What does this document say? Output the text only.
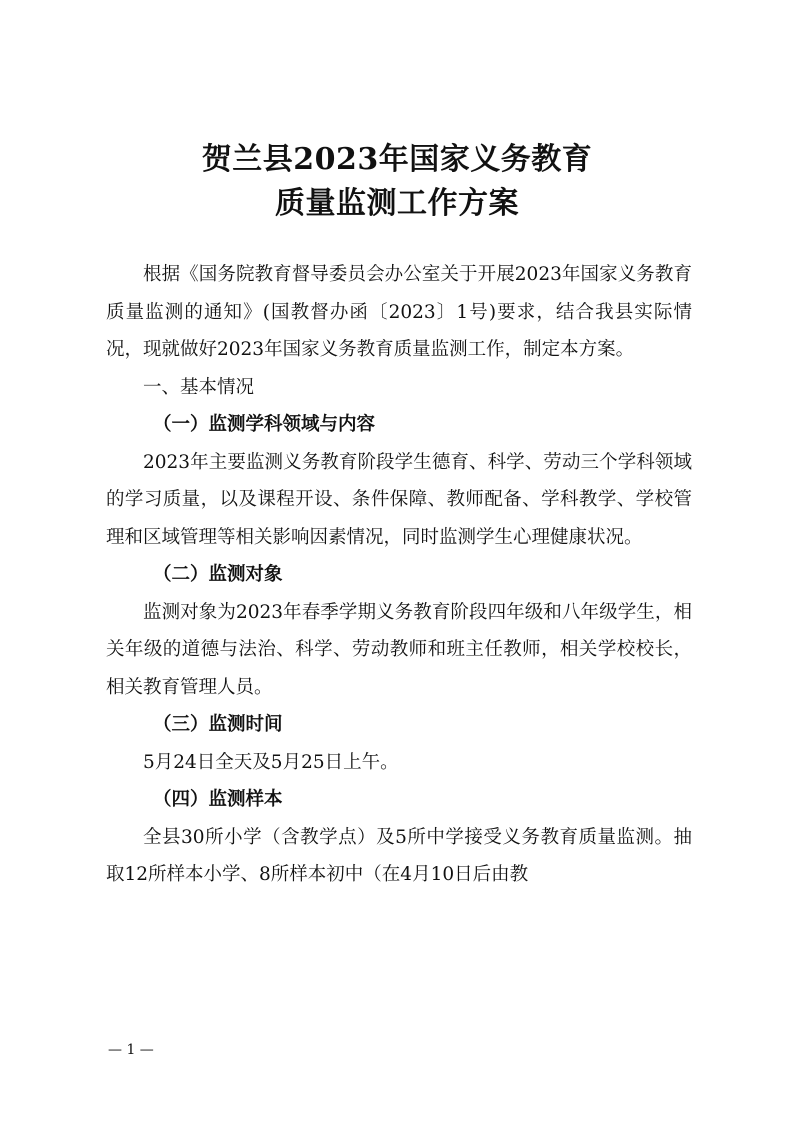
贺兰县2023年国家义务教育
质量监测工作方案

根据《国务院教育督导委员会办公室关于开展2023年国家义务教育质量监测的通知》(国教督办函〔2023〕1号)要求，结合我县实际情况，现就做好2023年国家义务教育质量监测工作，制定本方案。

一、基本情况

（一）监测学科领域与内容

2023年主要监测义务教育阶段学生德育、科学、劳动三个学科领域的学习质量，以及课程开设、条件保障、教师配备、学科教学、学校管理和区域管理等相关影响因素情况，同时监测学生心理健康状况。

（二）监测对象

监测对象为2023年春季学期义务教育阶段四年级和八年级学生，相关年级的道德与法治、科学、劳动教师和班主任教师，相关学校校长，相关教育管理人员。

（三）监测时间

5月24日全天及5月25日上午。

（四）监测样本

全县30所小学（含教学点）及5所中学接受义务教育质量监测。抽取12所样本小学、8所样本初中（在4月10日后由教

— 1 —
